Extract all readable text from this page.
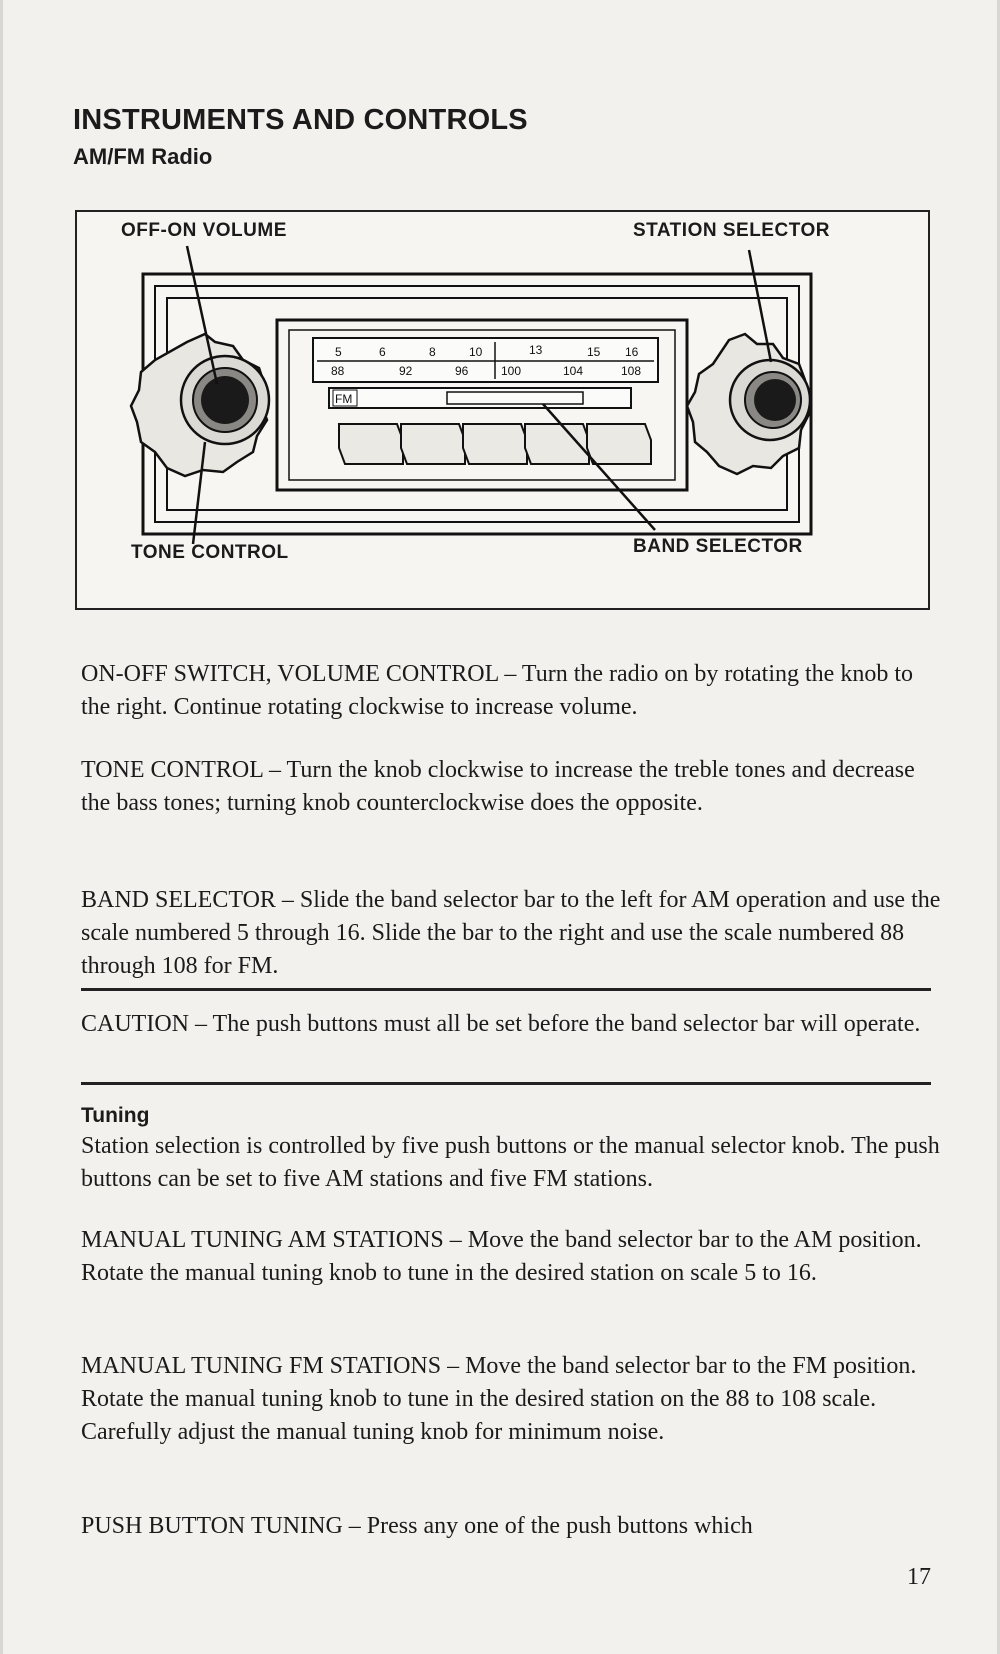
INSTRUMENTS AND CONTROLS
AM/FM Radio
5	6	8	10	13	15 16
88	92	96	100	104	108
FM
OFF-ON VOLUME	STATION SELECTOR
TONE CONTROL	BAND SELECTOR
ON-OFF SWITCH, VOLUME CONTROL – Turn the radio on by rotating the knob to the right. Continue rotating clockwise to increase volume.
TONE CONTROL – Turn the knob clockwise to increase the treble tones and decrease the bass tones; turning knob counterclockwise does the opposite.
BAND SELECTOR – Slide the band selector bar to the left for AM operation and use the scale numbered 5 through 16. Slide the bar to the right and use the scale numbered 88 through 108 for FM.
CAUTION – The push buttons must all be set before the band selector bar will operate.
Tuning
Station selection is controlled by five push buttons or the manual selector knob. The push buttons can be set to five AM stations and five FM stations.
MANUAL TUNING AM STATIONS – Move the band selector bar to the AM position. Rotate the manual tuning knob to tune in the desired station on scale 5 to 16.
MANUAL TUNING FM STATIONS – Move the band selector bar to the FM position. Rotate the manual tuning knob to tune in the desired station on the 88 to 108 scale. Carefully adjust the manual tuning knob for minimum noise.
PUSH BUTTON TUNING – Press any one of the push buttons which
17
